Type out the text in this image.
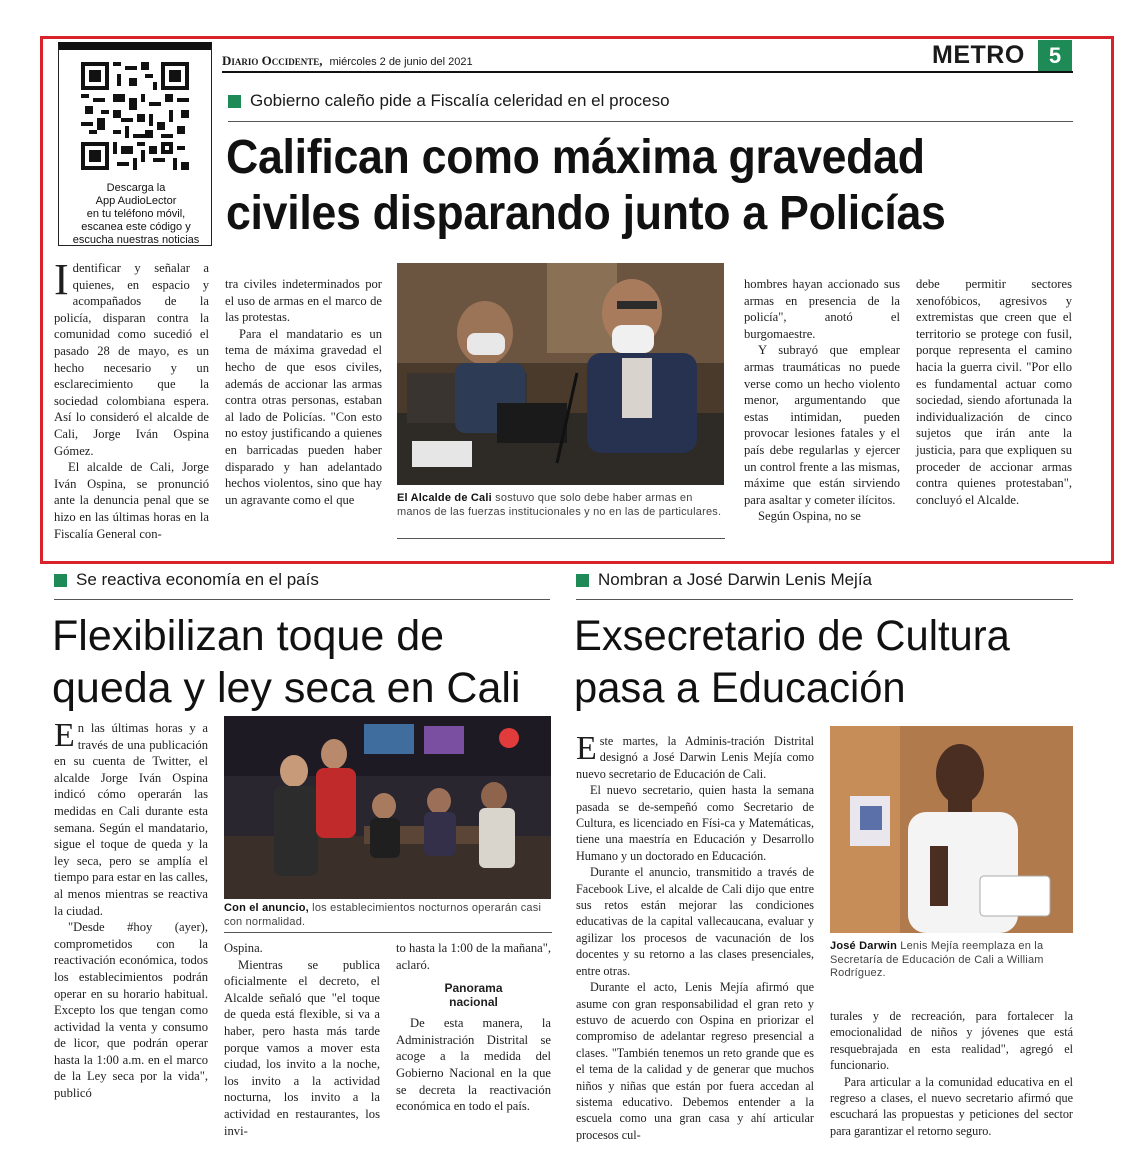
Descarga la
App AudioLector
en tu teléfono móvil,
escanea este código y
escucha nuestras noticias
Diario Occidente, miércoles 2 de junio del 2021	METRO	5
Gobierno caleño pide a Fiscalía celeridad en el proceso
Califican como máxima gravedad
civiles disparando junto a Policías

Identificar y señalar a quienes, en espacio y acompañados de la policía, disparan contra la comunidad como sucedió el pasado 28 de mayo, es un hecho necesario y un esclarecimiento que la sociedad colombiana espera. Así lo consideró el alcalde de Cali, Jorge Iván Ospina Gómez.

El alcalde de Cali, Jorge Iván Ospina, se pronunció ante la denuncia penal que se hizo en las últimas horas en la Fiscalía General con-

tra civiles indeterminados por el uso de armas en el marco de las protestas.

Para el mandatario es un tema de máxima gravedad el hecho de que esos civiles, además de accionar las armas contra otras personas, estaban al lado de Policías. "Con esto no estoy justificando a quienes en barricadas pueden haber disparado y han adelantado hechos violentos, sino que hay un agravante como el que	El Alcalde de Cali sostuvo que solo debe haber armas en manos de las fuerzas institucionales y no en las de particulares.

hombres hayan accionado sus armas en presencia de la policía", anotó el burgomaestre.

Y subrayó que emplear armas traumáticas no puede verse como un hecho violento menor, argumentando que estas intimidan, pueden provocar lesiones fatales y el país debe regularlas y ejercer un control frente a las mismas, máxime que están sirviendo para asaltar y cometer ilícitos.

Según Ospina, no se

debe permitir sectores xenofóbicos, agresivos y extremistas que creen que el territorio se protege con fusil, porque representa el camino hacia la guerra civil. "Por ello es fundamental actuar como sociedad, siendo afortunada la individualización de cinco sujetos que irán ante la justicia, para que expliquen su proceder de accionar armas contra quienes protestaban", concluyó el Alcalde.

Se reactiva economía en el país
Flexibilizan toque de
queda y ley seca en Cali

En las últimas horas y a través de una publicación en su cuenta de Twitter, el alcalde Jorge Iván Ospina indicó cómo operarán las medidas en Cali durante esta semana. Según el mandatario, sigue el toque de queda y la ley seca, pero se amplía el tiempo para estar en las calles, al menos mientras se reactiva la ciudad.

"Desde #hoy (ayer), comprometidos con la reactivación económica, todos los establecimientos podrán operar en su horario habitual. Excepto los que tengan como actividad la venta y consumo de licor, que podrán operar hasta la 1:00 a.m. en el marco de la Ley seca por la vida", publicó

Con el anuncio, los establecimientos nocturnos operarán casi con normalidad.

Ospina.

Mientras se publica oficialmente el decreto, el Alcalde señaló que "el toque de queda está flexible, si va a haber, pero hasta más tarde porque vamos a mover esta ciudad, los invito a la noche, los invito a la actividad nocturna, los invito a la actividad en restaurantes, los invi-

to hasta la 1:00 de la mañana", aclaró.

Panorama
nacional

De esta manera, la Administración Distrital se acoge a la medida del Gobierno Nacional en la que se decreta la reactivación económica en todo el país.

Nombran a José Darwin Lenis Mejía
Exsecretario de Cultura
pasa a Educación

Este martes, la Adminis-tración Distrital designó a José Darwin Lenis Mejía como nuevo secretario de Educación de Cali.

El nuevo secretario, quien hasta la semana pasada se de-sempeñó como Secretario de Cultura, es licenciado en Físi-ca y Matemáticas, tiene una maestría en Educación y Desarrollo Humano y un doctorado en Educación.

Durante el anuncio, transmitido a través de Facebook Live, el alcalde de Cali dijo que entre sus retos están mejorar las condiciones educativas de la capital vallecaucana, evaluar y agilizar los procesos de vacunación de los docentes y su retorno a las clases presenciales, entre otras.

Durante el acto, Lenis Mejía afirmó que asume con gran responsabilidad el gran reto y estuvo de acuerdo con Ospina en priorizar el compromiso de adelantar regreso presencial a clases. "También tenemos un reto grande que es el tema de la calidad y de generar que muchos niños y niñas que están por fuera accedan al sistema educativo. Debemos entender a la escuela como una gran casa y ahí articular procesos cul-

José Darwin Lenis Mejía reemplaza en la Secretaría de Educación de Cali a William Rodríguez.

turales y de recreación, para fortalecer la emocionalidad de niños y jóvenes que está resquebrajada en esta realidad", agregó el funcionario.

Para articular a la comunidad educativa en el regreso a clases, el nuevo secretario afirmó que escuchará las propuestas y peticiones del sector para garantizar el retorno seguro.
